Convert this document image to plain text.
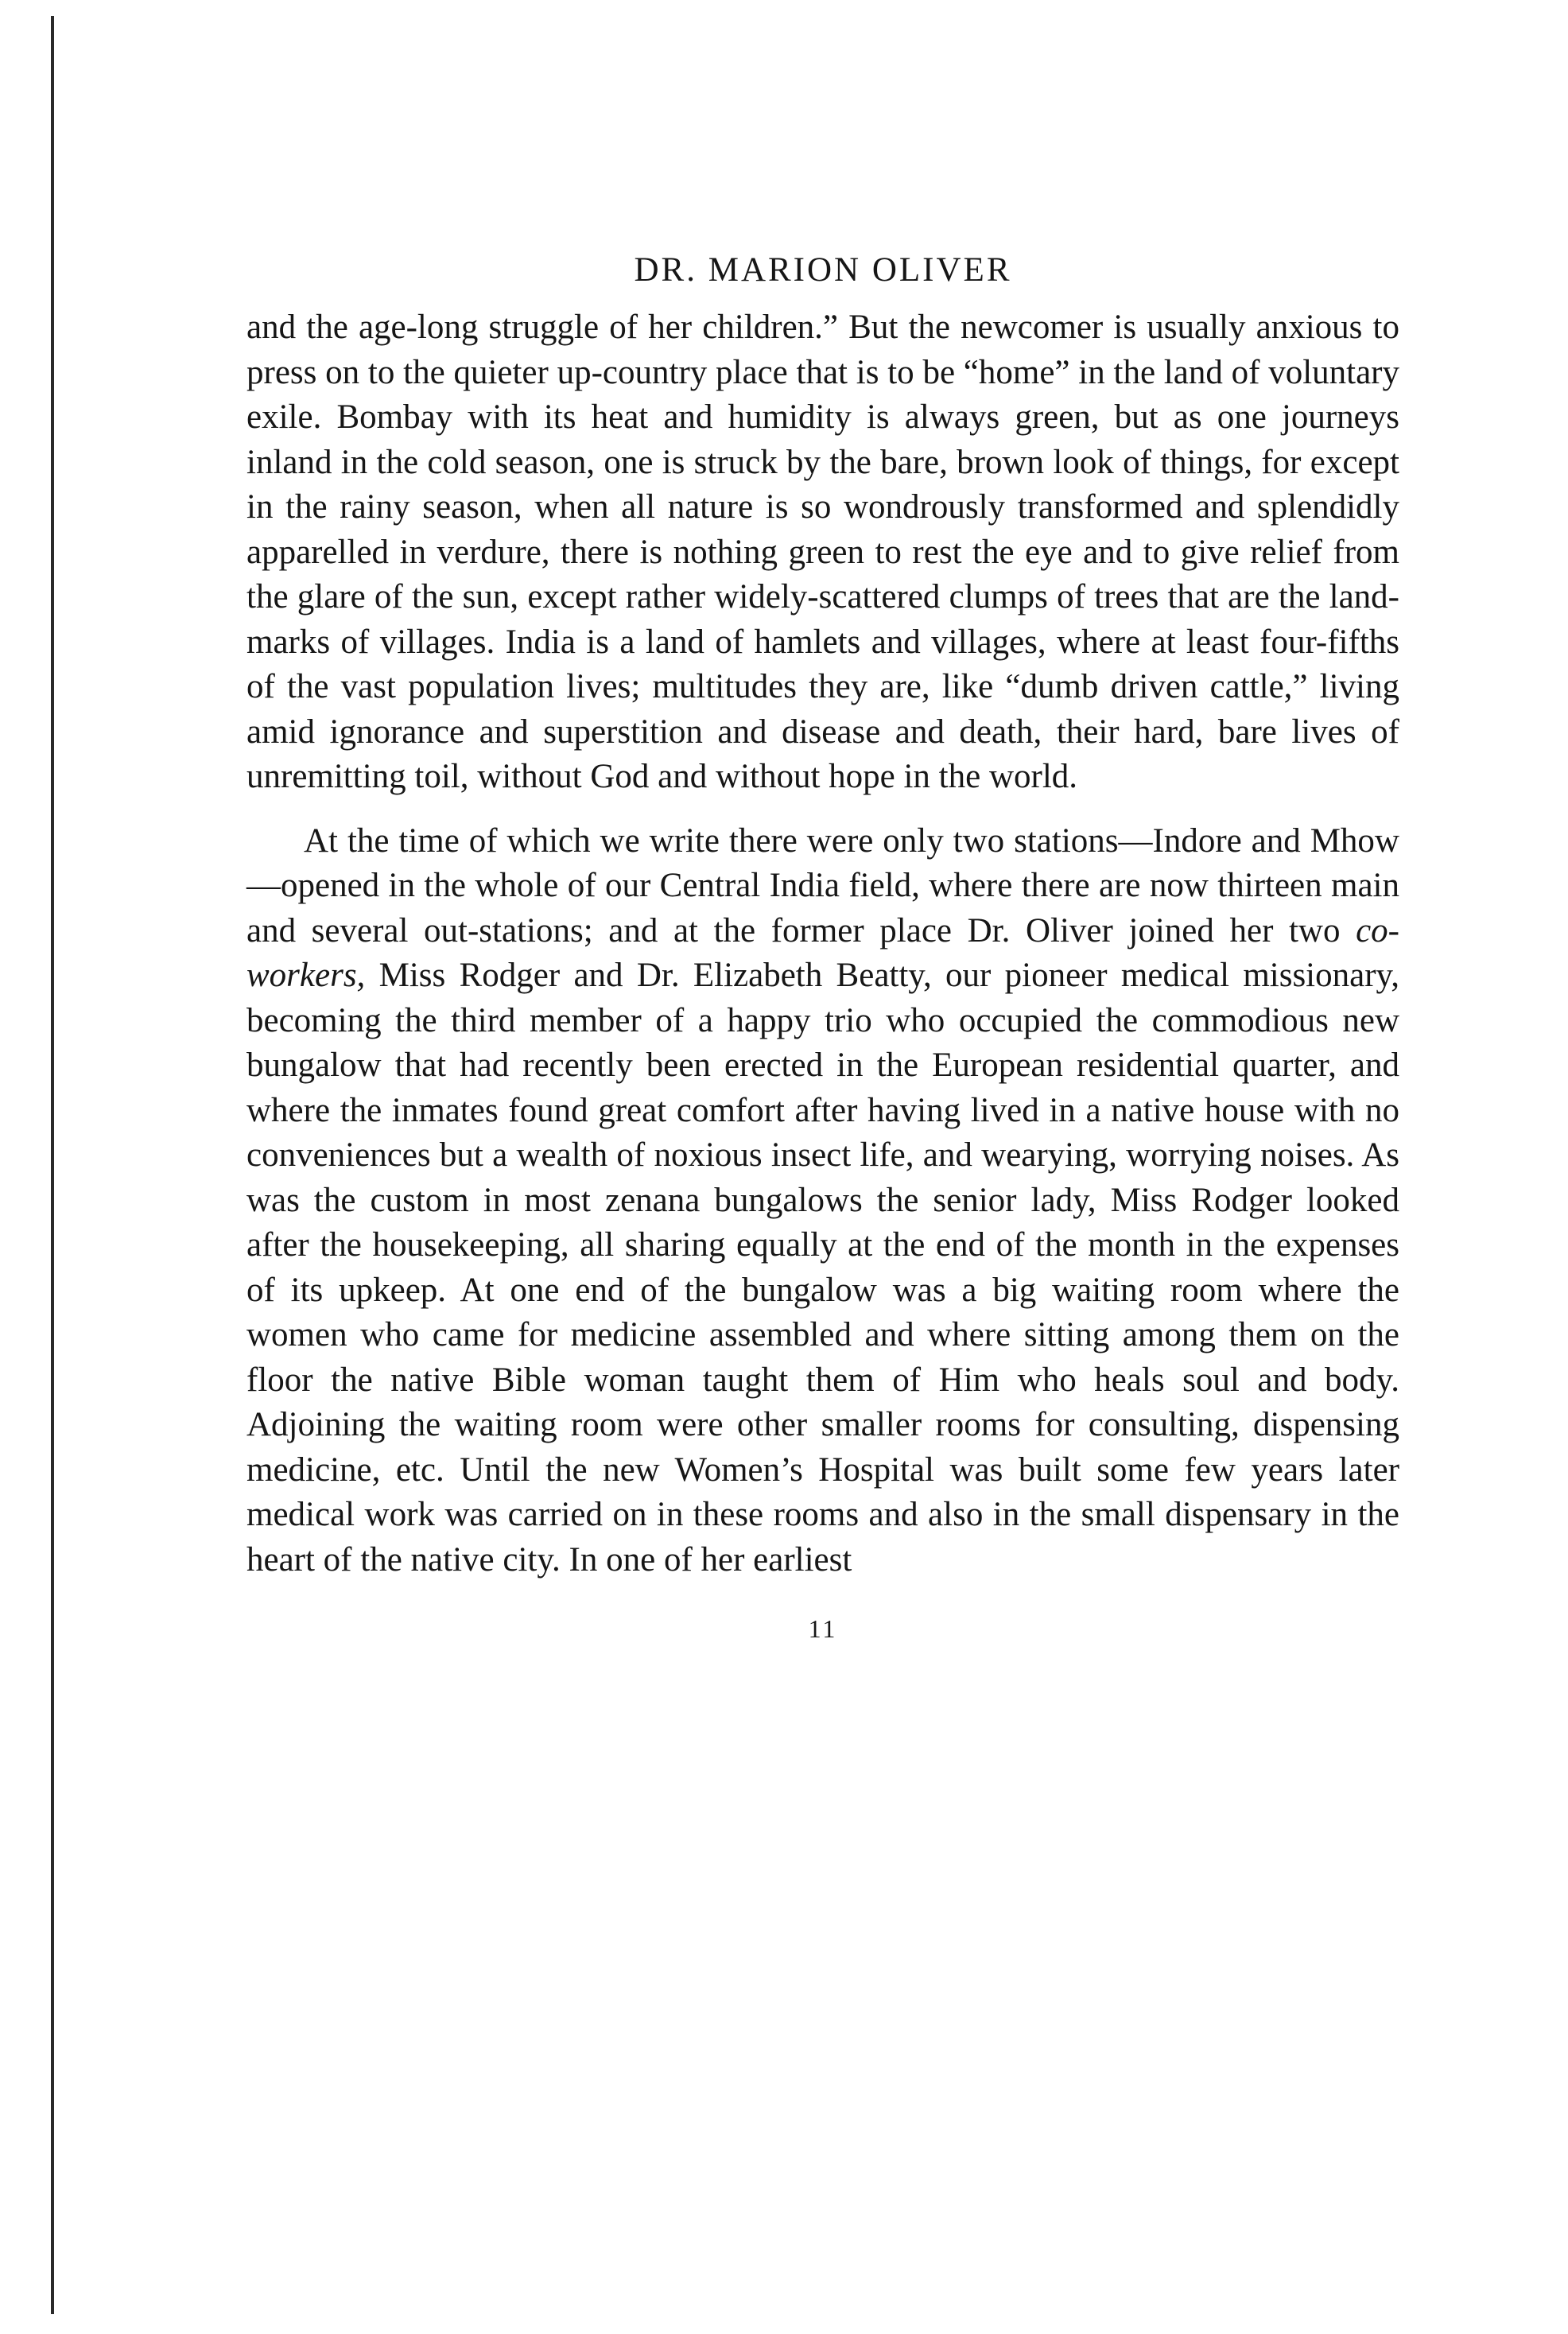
DR. MARION OLIVER

and the age-long struggle of her children.” But the newcomer is usually anxious to press on to the quieter up-country place that is to be “home” in the land of voluntary exile. Bombay with its heat and humidity is always green, but as one journeys inland in the cold season, one is struck by the bare, brown look of things, for except in the rainy season, when all nature is so wondrously transformed and splendidly apparelled in verdure, there is nothing green to rest the eye and to give relief from the glare of the sun, except rather widely-scattered clumps of trees that are the land-marks of villages. India is a land of hamlets and villages, where at least four-fifths of the vast population lives; multitudes they are, like “dumb driven cattle,” living amid ignorance and superstition and disease and death, their hard, bare lives of unremitting toil, without God and without hope in the world.

At the time of which we write there were only two stations—Indore and Mhow—opened in the whole of our Central India field, where there are now thirteen main and several out-stations; and at the former place Dr. Oliver joined her two co-workers, Miss Rodger and Dr. Elizabeth Beatty, our pioneer medical missionary, becoming the third member of a happy trio who occupied the commodious new bungalow that had recently been erected in the European residential quarter, and where the inmates found great comfort after having lived in a native house with no conveniences but a wealth of noxious insect life, and wearying, worrying noises. As was the custom in most zenana bungalows the senior lady, Miss Rodger looked after the housekeeping, all sharing equally at the end of the month in the expenses of its upkeep. At one end of the bungalow was a big waiting room where the women who came for medicine assembled and where sitting among them on the floor the native Bible woman taught them of Him who heals soul and body. Adjoining the waiting room were other smaller rooms for consulting, dispensing medicine, etc. Until the new Women’s Hospital was built some few years later medical work was carried on in these rooms and also in the small dispensary in the heart of the native city. In one of her earliest

11
